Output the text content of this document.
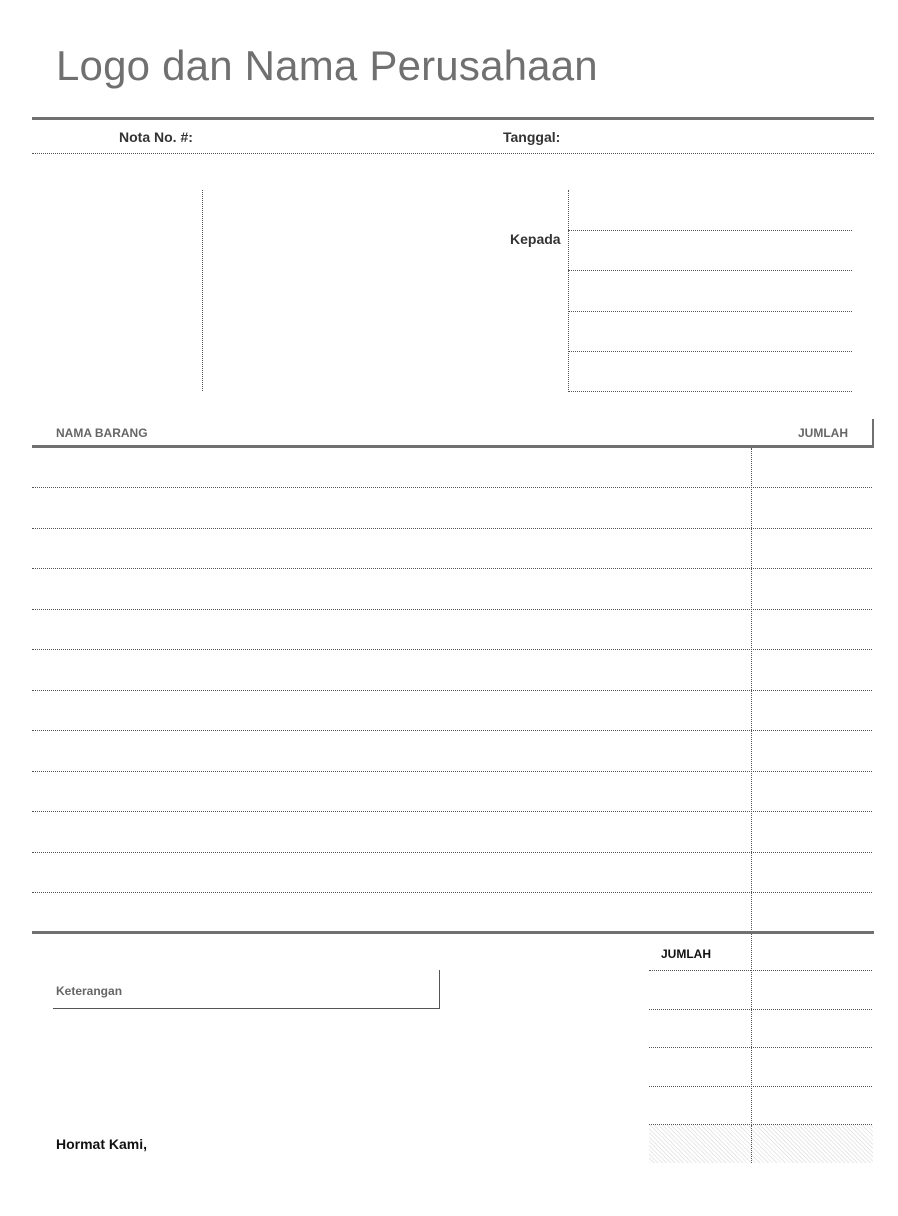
Logo dan Nama Perusahaan
Nota No. #:	Tanggal:
Kepada
NAMA BARANG	JUMLAH
JUMLAH
Keterangan
Hormat Kami,
